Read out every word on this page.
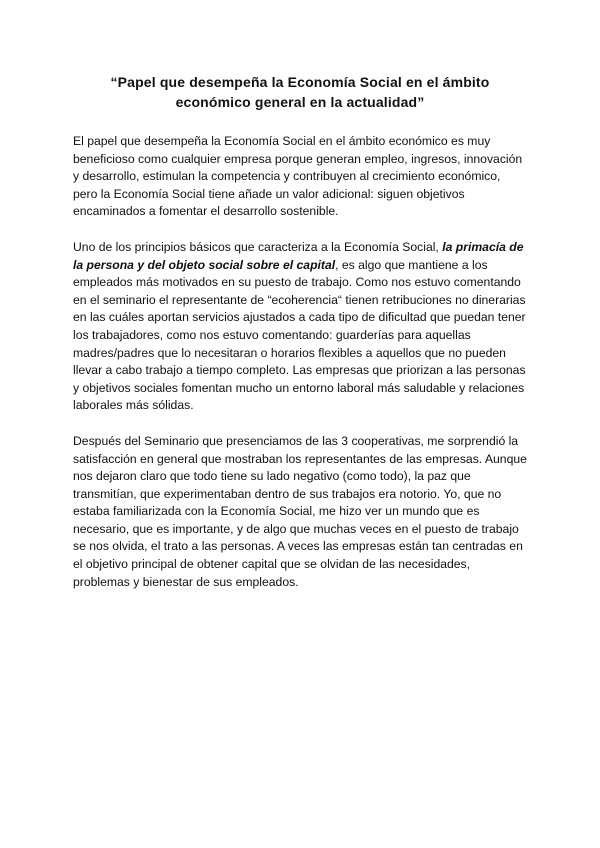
“Papel que desempeña la Economía Social en el ámbito económico general en la actualidad”

El papel que desempeña la Economía Social en el ámbito económico es muy beneficioso como cualquier empresa porque generan empleo, ingresos, innovación y desarrollo, estimulan la competencia y contribuyen al crecimiento económico, pero la Economía Social tiene añade un valor adicional: siguen objetivos encaminados a fomentar el desarrollo sostenible.

Uno de los principios básicos que caracteriza a la Economía Social, la primacía de la persona y del objeto social sobre el capital, es algo que mantiene a los empleados más motivados en su puesto de trabajo. Como nos estuvo comentando en el seminario el representante de “ecoherencia“ tienen retribuciones no dinerarias en las cuáles aportan servicios ajustados a cada tipo de dificultad que puedan tener los trabajadores, como nos estuvo comentando: guarderías para aquellas madres/padres que lo necesitaran o horarios flexibles a aquellos que no pueden llevar a cabo trabajo a tiempo completo. Las empresas que priorizan a las personas y objetivos sociales fomentan mucho un entorno laboral más saludable y relaciones laborales más sólidas.

Después del Seminario que presenciamos de las 3 cooperativas, me sorprendió la satisfacción en general que mostraban los representantes de las empresas. Aunque nos dejaron claro que todo tiene su lado negativo (como todo), la paz que transmitían, que experimentaban dentro de sus trabajos era notorio. Yo, que no estaba familiarizada con la Economía Social, me hizo ver un mundo que es necesario, que es importante, y de algo que muchas veces en el puesto de trabajo se nos olvida, el trato a las personas. A veces las empresas están tan centradas en el objetivo principal de obtener capital que se olvidan de las necesidades, problemas y bienestar de sus empleados.
